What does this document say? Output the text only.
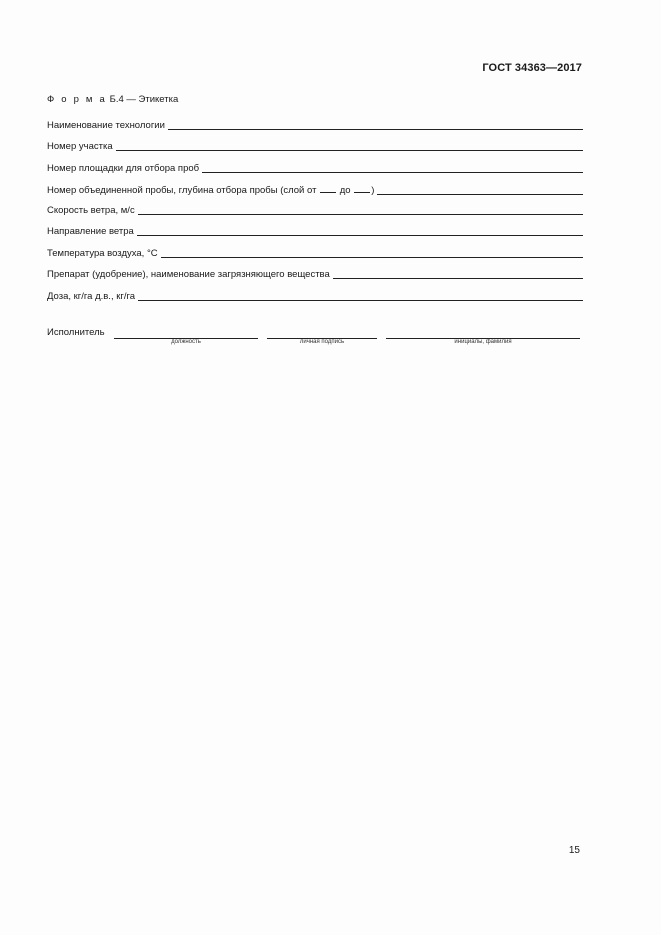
ГОСТ 34363—2017
Ф о р м а Б.4 — Этикетка
Наименование технологии
Номер участка
Номер площадки для отбора проб
Номер объединенной пробы, глубина отбора пробы (слой от до )
Скорость ветра, м/с
Направление ветра
Температура воздуха, °С
Препарат (удобрение), наименование загрязняющего вещества
Доза, кг/га д.в., кг/га
Исполнитель
должность	личная подпись	инициалы, фамилия
15
